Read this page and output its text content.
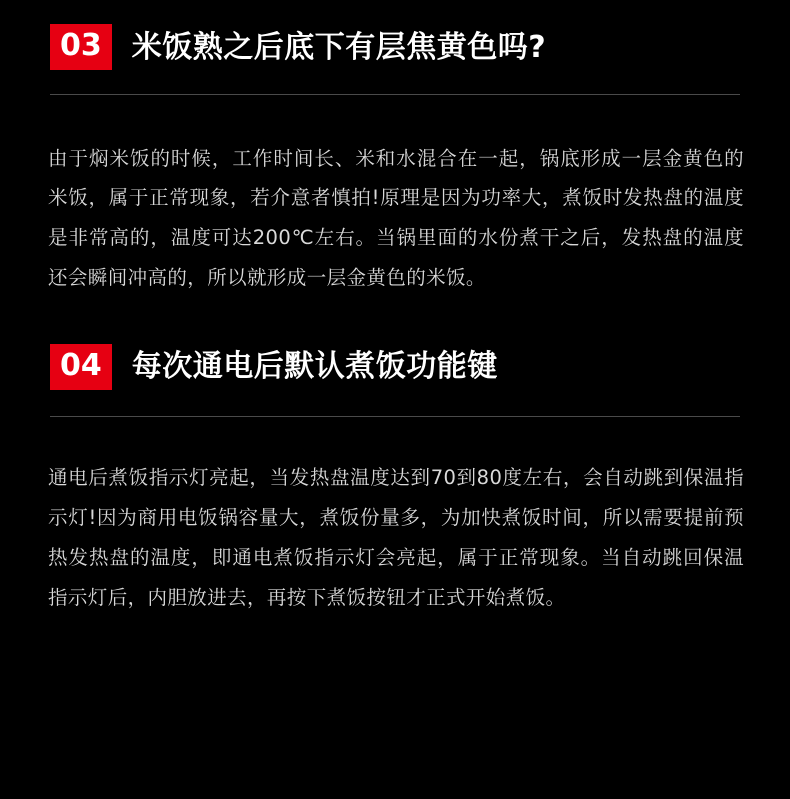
03	米饭熟之后底下有层焦黄色吗?

由于焖米饭的时候，工作时间长、米和水混合在一起，锅底形成一层金黄色的米饭，属于正常现象，若介意者慎拍!原理是因为功率大，煮饭时发热盘的温度是非常高的，温度可达200℃左右。当锅里面的水份煮干之后，发热盘的温度还会瞬间冲高的，所以就形成一层金黄色的米饭。

04	每次通电后默认煮饭功能键

通电后煮饭指示灯亮起，当发热盘温度达到70到80度左右，会自动跳到保温指示灯!因为商用电饭锅容量大，煮饭份量多，为加快煮饭时间，所以需要提前预热发热盘的温度，即通电煮饭指示灯会亮起，属于正常现象。当自动跳回保温指示灯后，内胆放进去，再按下煮饭按钮才正式开始煮饭。
